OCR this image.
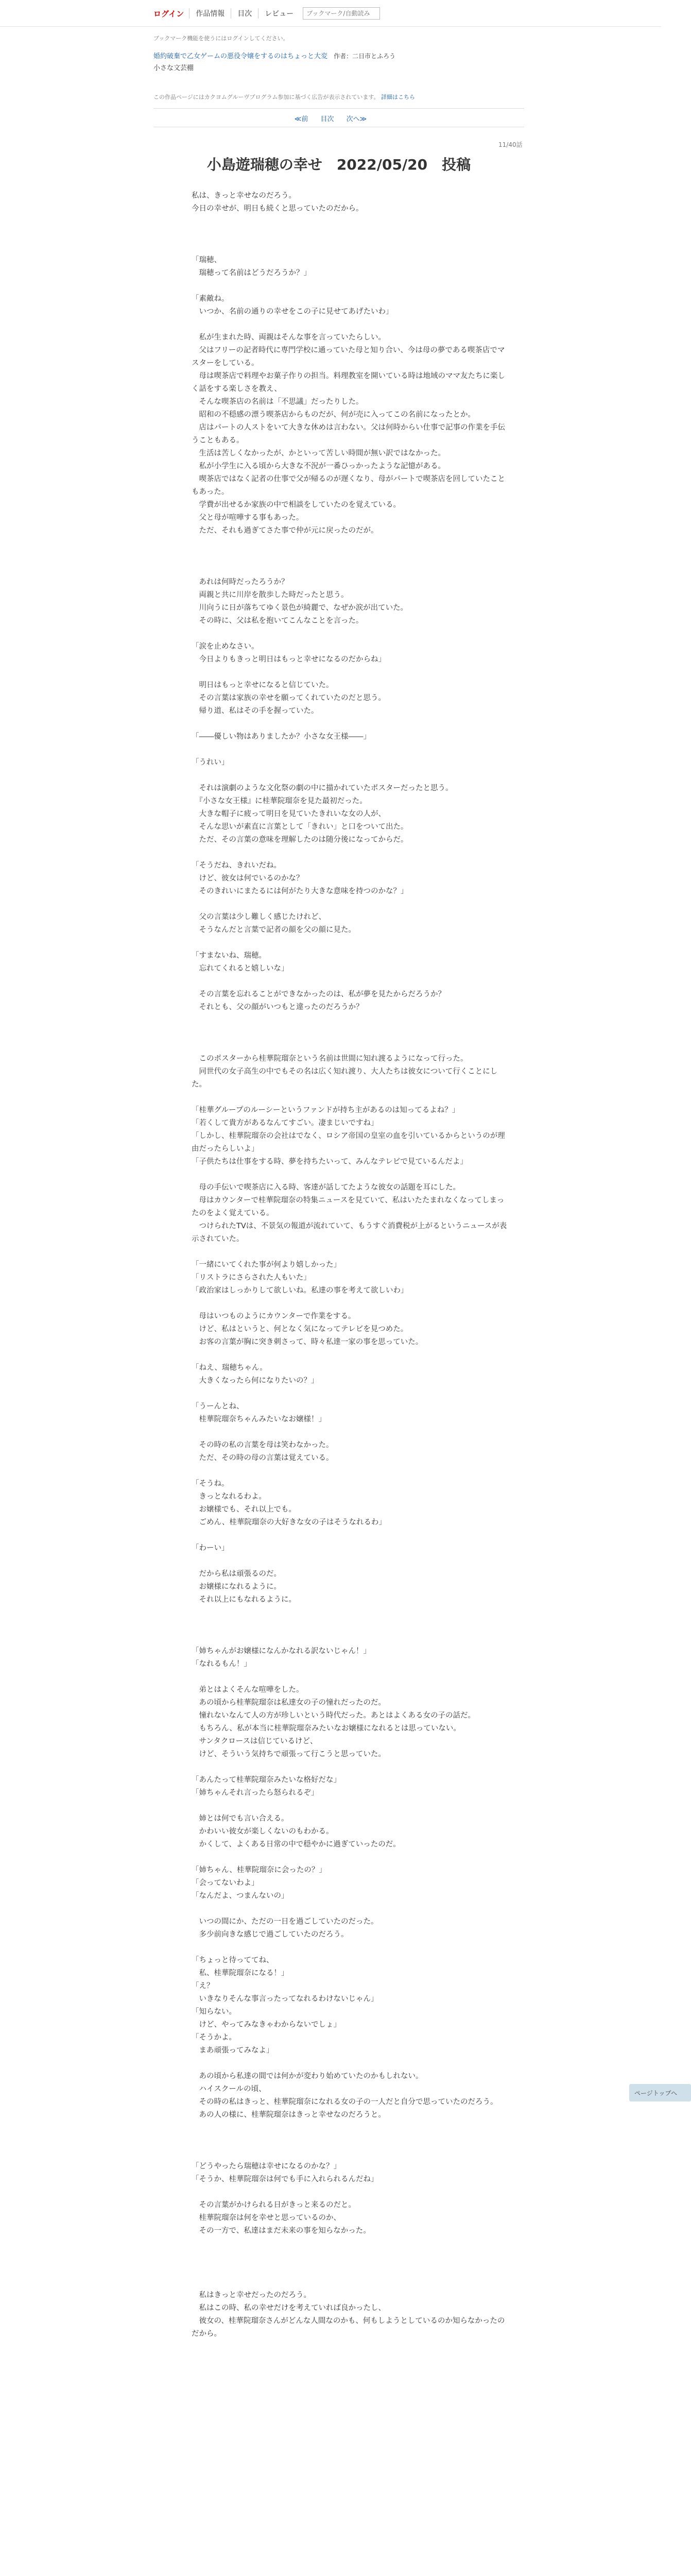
ログイン	作品情報	目次	レビュー
ブックマーク/自動読み
ブックマーク機能を使うにはログインしてください。
婚約破棄で乙女ゲームの悪役令嬢をするのはちょっと大変 作者：二日市とふろう
小さな文芸棚
この作品ページにはカクヨムグルーヴプログラム参加に基づく広告が表示されています。 詳細はこちら
≪前 目次 次へ≫
11/40話
小島遊瑞穂の幸せ　2022/05/20　投稿
私は、きっと幸せなのだろう。
今日の幸せが、明日も続くと思っていたのだから。

「瑞穂、
　瑞穂って名前はどうだろうか？」

「素敵ね。
　いつか、名前の通りの幸せをこの子に見せてあげたいわ」

　私が生まれた時、両親はそんな事を言っていたらしい。
　父はフリーの記者時代に専門学校に通っていた母と知り合い、今は母の夢である喫茶店でマスターをしている。
　母は喫茶店で料理やお菓子作りの担当。料理教室を開いている時は地域のママ友たちに楽しく話をする楽しさを教え、
　そんな喫茶店の名前は「不思議」だったりした。
　昭和の不穏感の漂う喫茶店からものだが、何が売に入ってこの名前になったとか。
　店はパートの人ストをいて大きな休めは言わない。父は何時からい仕事で記事の作業を手伝うこともある。
　生活は苦しくなかったが、かといって苦しい時間が無い訳ではなかった。
　私が小学生に入る頃から大きな不況が一番ひっかったような記憶がある。
　喫茶店ではなく記者の仕事で父が帰るのが遅くなり、母がパートで喫茶店を回していたこともあった。
　学費が出せるか家族の中で相談をしていたのを覚えている。
　父と母が喧嘩する事もあった。
　ただ、それも過ぎてさた事で仲が元に戻ったのだが。

　あれは何時だったろうか？
　両親と共に川岸を散歩した時だったと思う。
　川向うに日が落ちてゆく景色が綺麗で、なぜか涙が出ていた。
　その時に、父は私を抱いてこんなことを言った。

「涙を止めなさい。
　今日よりもきっと明日はもっと幸せになるのだからね」

　明日はもっと幸せになると信じていた。
　その言葉は家族の幸せを願ってくれていたのだと思う。
　帰り道、私はその手を握っていた。

「――優しい物はありましたか？小さな女王様――」

「うれい」

　それは演劇のような文化祭の劇の中に描かれていたポスターだったと思う。
　『小さな女王様』に桂華院瑠奈を見た最初だった。
　大きな帽子に疲って明日を見ていたきれいな女の人が、
　そんな思いが素直に言葉として「きれい」と口をついて出た。
　ただ、その言葉の意味を理解したのは随分後になってからだ。

「そうだね、きれいだね。
　けど、彼女は何でいるのかな？
　そのきれいにまたるには何がたり大きな意味を持つのかな？」

　父の言葉は少し難しく感じたけれど、
　そうなんだと言葉で記者の顔を父の顔に見た。

「すまないね、瑞穂。
　忘れてくれると嬉しいな」

　その言葉を忘れることができなかったのは、私が夢を見たからだろうか？
　それとも、父の顔がいつもと違ったのだろうか？

　このポスターから桂華院瑠奈という名前は世間に知れ渡るようになって行った。
　同世代の女子高生の中でもその名は広く知れ渡り、大人たちは彼女について行くことにした。

「桂華グループのルーシーというファンドが持ち主があるのは知ってるよね？」
「若くして貴方があるなんてすごい。凄まじいですね」
「しかし、桂華院瑠奈の会社はでなく、ロシア帝国の皇室の血を引いているからというのが理由だったらしいよ」
「子供たちは仕事をする時、夢を持ちたいって、みんなテレビで見ているんだよ」

　母の手伝いで喫茶店に入る時、客達が話してたような彼女の話題を耳にした。
　母はカウンターで桂華院瑠奈の特集ニュースを見ていて、私はいたたまれなくなってしまったのをよく覚えている。
　つけられたTVは、不景気の報道が流れていて、もうすぐ消費税が上がるというニュースが表示されていた。

「一緒にいてくれた事が何より嬉しかった」
「リストラにさらされた人もいた」
「政治家はしっかりして欲しいね。私達の事を考えて欲しいわ」

　母はいつものようにカウンターで作業をする。
　けど、私はというと、何となく気になってテレビを見つめた。
　お客の言葉が胸に突き刺さって、時々私達一家の事を思っていた。

「ねえ、瑞穂ちゃん。
　大きくなったら何になりたいの？」

「うーんとね、
　桂華院瑠奈ちゃんみたいなお嬢様！」

　その時の私の言葉を母は笑わなかった。
　ただ、その時の母の言葉は覚えている。

「そうね。
　きっとなれるわよ。
　お嬢様でも、それ以上でも。
　ごめん、桂華院瑠奈の大好きな女の子はそうなれるわ」

「わーい」

　だから私は頑張るのだ。
　お嬢様になれるように。
　それ以上にもなれるように。

「姉ちゃんがお嬢様になんかなれる訳ないじゃん！」
「なれるもん！」

　弟とはよくそんな喧嘩をした。
　あの頃から桂華院瑠奈は私達女の子の憧れだったのだ。
　憧れないなんて人の方が珍しいという時代だった。あとはよくある女の子の話だ。
　もちろん、私が本当に桂華院瑠奈みたいなお嬢様になれるとは思っていない。
　サンタクロースは信じているけど、
　けど、そういう気持ちで頑張って行こうと思っていた。

「あんたって桂華院瑠奈みたいな格好だな」
「姉ちゃんそれ言ったら怒られるぞ」

　姉とは何でも言い合える。
　かわいい彼女が楽しくないのもわかる。
　かくして、よくある日常の中で穏やかに過ぎていったのだ。

「姉ちゃん、桂華院瑠奈に会ったの？」
「会ってないわよ」
「なんだよ、つまんないの」

　いつの間にか、ただの一日を過ごしていたのだった。
　多少前向きな感じで過ごしていたのだろう。

「ちょっと待っててね、
　私、桂華院瑠奈になる！」
「え？
　いきなりそんな事言ったってなれるわけないじゃん」
「知らない。
　けど、やってみなきゃわからないでしょ」
「そうかよ。
　まあ頑張ってみなよ」

　あの頃から私達の間では何かが変わり始めていたのかもしれない。
　ハイスクールの頃、
　その時の私はきっと、桂華院瑠奈になれる女の子の一人だと自分で思っていたのだろう。
　あの人の様に、桂華院瑠奈はきっと幸せなのだろうと。

「どうやったら瑞穂は幸せになるのかな？」
「そうか、桂華院瑠奈は何でも手に入れられるんだね」

　その言葉がかけられる日がきっと来るのだと。
　桂華院瑠奈は何を幸せと思っているのか、
　その一方で、私達はまだ未来の事を知らなかった。

　私はきっと幸せだったのだろう。
　私はこの時、私の幸せだけを考えていれば良かったし、
　彼女の、桂華院瑠奈さんがどんな人間なのかも、何もしようとしているのか知らなかったのだから。
ページトップへ
